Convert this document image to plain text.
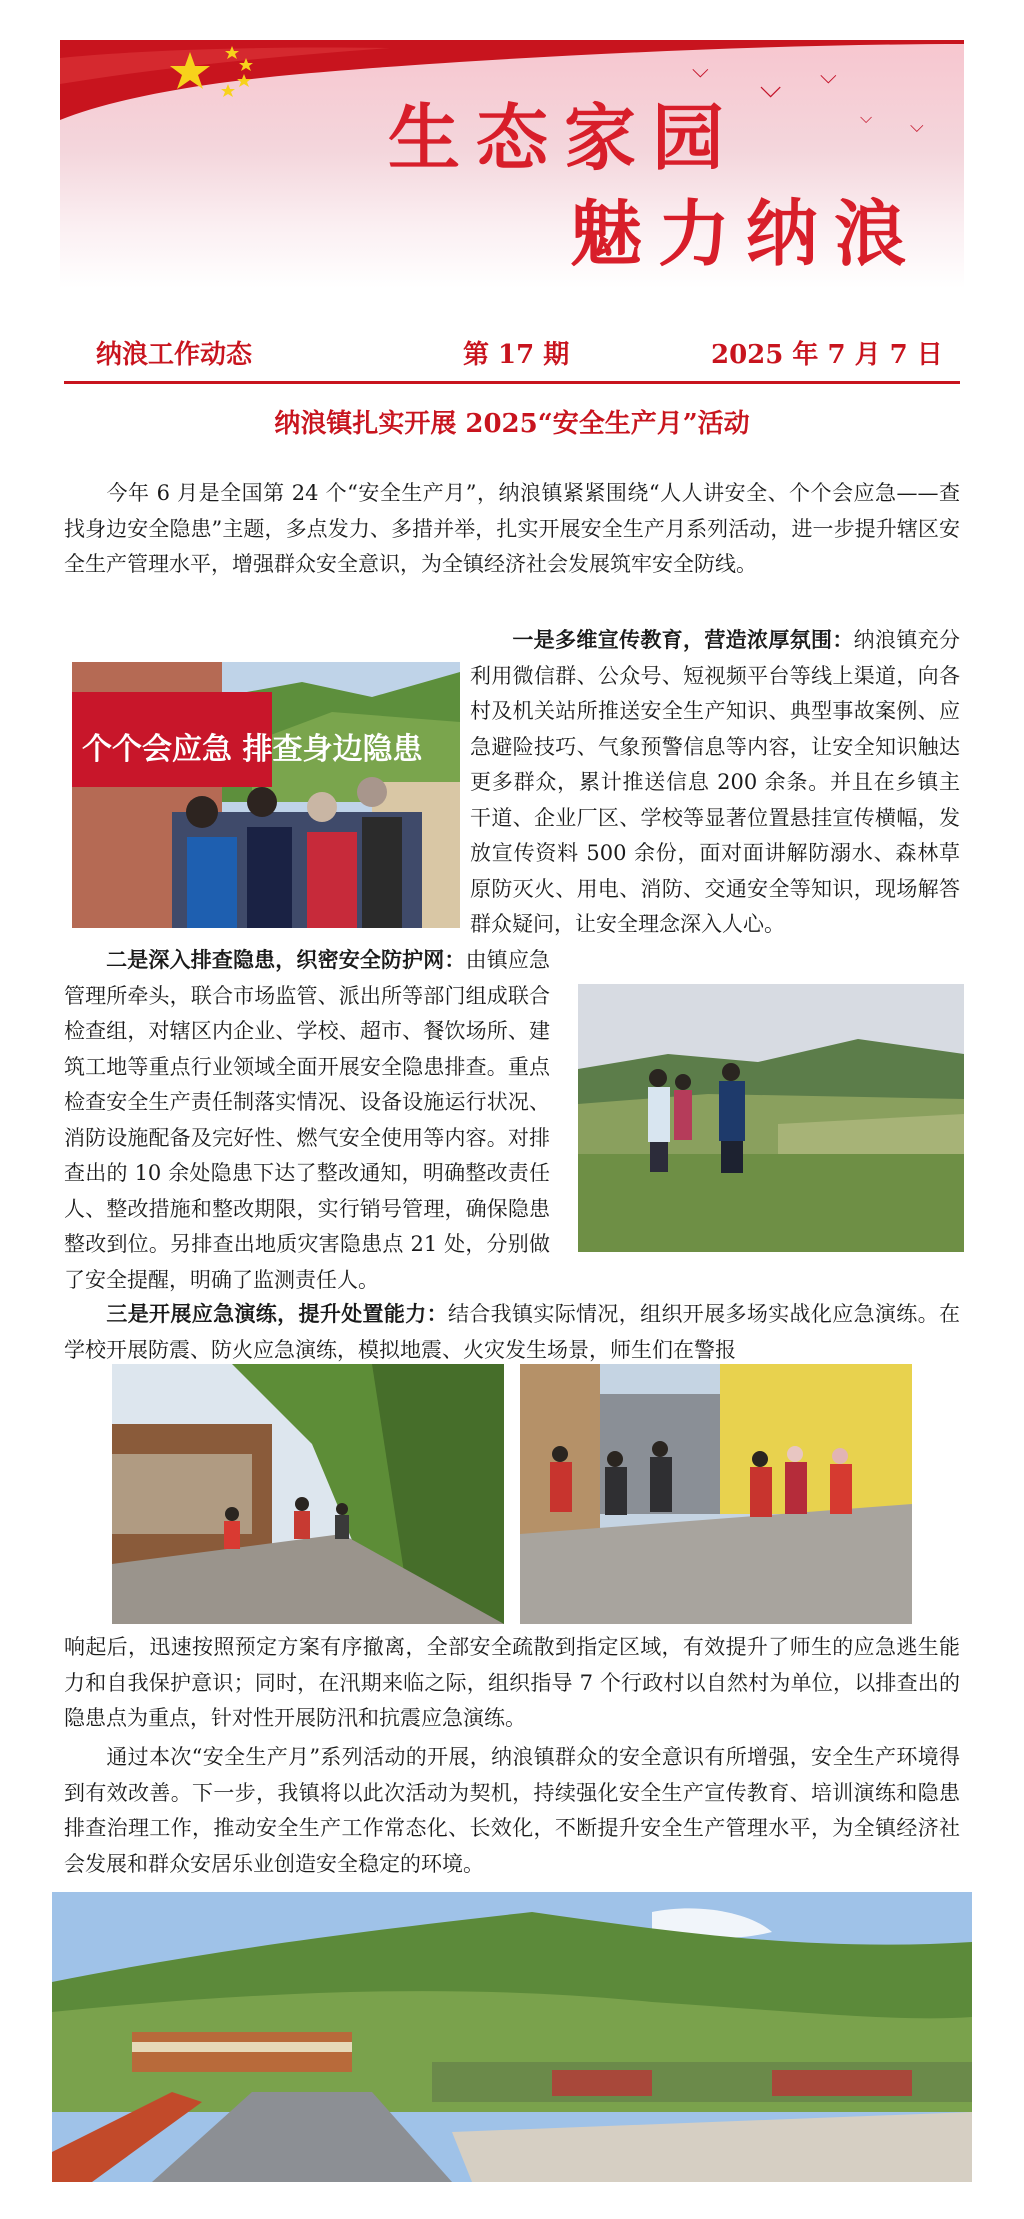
⌵
⌵ ⌵
⌵ ⌵
生态家园
魅力纳浪
纳浪工作动态	第 17 期	2025 年 7 月 7 日
纳浪镇扎实开展 2025“安全生产月”活动
今年 6 月是全国第 24 个“安全生产月”，纳浪镇紧紧围绕“人人讲安全、个个会应急——查找身边安全隐患”主题，多点发力、多措并举，扎实开展安全生产月系列活动，进一步提升辖区安全生产管理水平，增强群众安全意识，为全镇经济社会发展筑牢安全防线。
个个会应急 排查身边隐患
一是多维宣传教育，营造浓厚氛围：纳浪镇充分利用微信群、公众号、短视频平台等线上渠道，向各村及机关站所推送安全生产知识、典型事故案例、应急避险技巧、气象预警信息等内容，让安全知识触达更多群众，累计推送信息 200 余条。并且在乡镇主干道、企业厂区、学校等显著位置悬挂宣传横幅，发放宣传资料 500 余份，面对面讲解防溺水、森林草原防灭火、用电、消防、交通安全等知识，现场解答群众疑问，让安全理念深入人心。
二是深入排查隐患，织密安全防护网：由镇应急管理所牵头，联合市场监管、派出所等部门组成联合检查组，对辖区内企业、学校、超市、餐饮场所、建筑工地等重点行业领域全面开展安全隐患排查。重点检查安全生产责任制落实情况、设备设施运行状况、消防设施配备及完好性、燃气安全使用等内容。对排查出的 10 余处隐患下达了整改通知，明确整改责任人、整改措施和整改期限，实行销号管理，确保隐患整改到位。另排查出地质灾害隐患点 21 处，分别做了安全提醒，明确了监测责任人。
三是开展应急演练，提升处置能力：结合我镇实际情况，组织开展多场实战化应急演练。在学校开展防震、防火应急演练，模拟地震、火灾发生场景，师生们在警报
响起后，迅速按照预定方案有序撤离，全部安全疏散到指定区域，有效提升了师生的应急逃生能力和自我保护意识；同时，在汛期来临之际，组织指导 7 个行政村以自然村为单位，以排查出的隐患点为重点，针对性开展防汛和抗震应急演练。
通过本次“安全生产月”系列活动的开展，纳浪镇群众的安全意识有所增强，安全生产环境得到有效改善。下一步，我镇将以此次活动为契机，持续强化安全生产宣传教育、培训演练和隐患排查治理工作，推动安全生产工作常态化、长效化，不断提升安全生产管理水平，为全镇经济社会发展和群众安居乐业创造安全稳定的环境。
